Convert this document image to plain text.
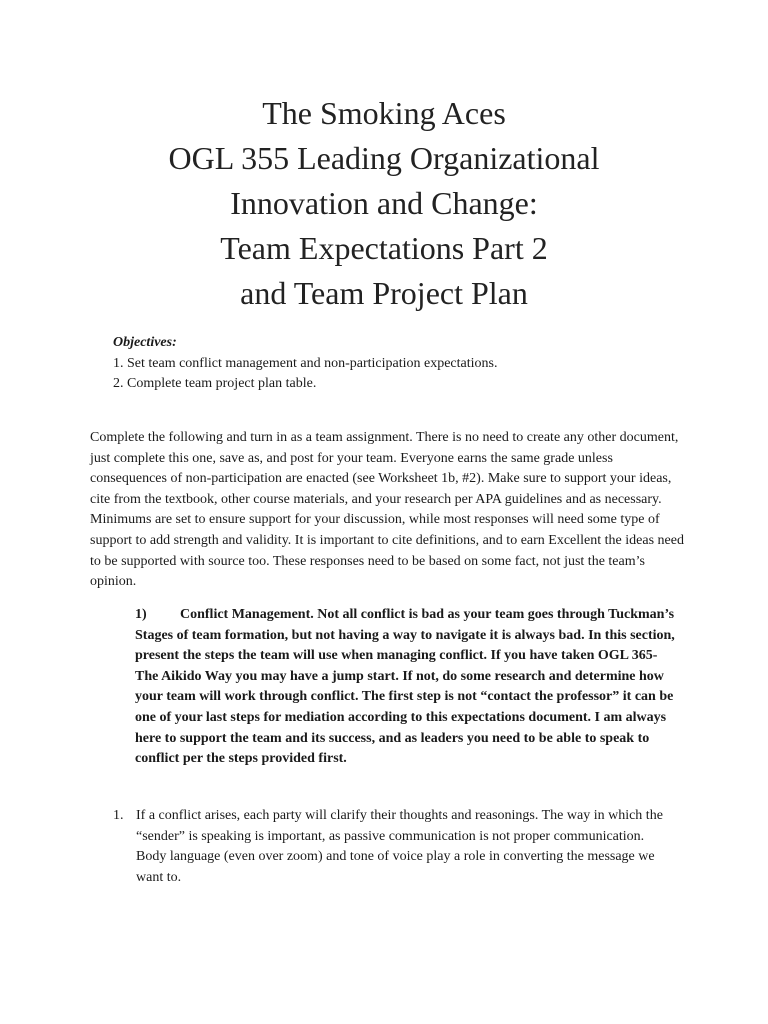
The Smoking Aces
OGL 355 Leading Organizational
Innovation and Change:
Team Expectations Part 2
and Team Project Plan
Objectives:
1. Set team conflict management and non-participation expectations.
2. Complete team project plan table.

Complete the following and turn in as a team assignment. There is no need to create any other document, just complete this one, save as, and post for your team. Everyone earns the same grade unless consequences of non-participation are enacted (see Worksheet 1b, #2). Make sure to support your ideas, cite from the textbook, other course materials, and your research per APA guidelines and as necessary. Minimums are set to ensure support for your discussion, while most responses will need some type of support to add strength and validity. It is important to cite definitions, and to earn Excellent the ideas need to be supported with source too. These responses need to be based on some fact, not just the team’s opinion.

1) Conflict Management. Not all conflict is bad as your team goes through Tuckman’s Stages of team formation, but not having a way to navigate it is always bad. In this section, present the steps the team will use when managing conflict. If you have taken OGL 365-The Aikido Way you may have a jump start. If not, do some research and determine how your team will work through conflict. The first step is not “contact the professor” it can be one of your last steps for mediation according to this expectations document. I am always here to support the team and its success, and as leaders you need to be able to speak to conflict per the steps provided first.

1. If a conflict arises, each party will clarify their thoughts and reasonings. The way in which the “sender” is speaking is important, as passive communication is not proper communication. Body language (even over zoom) and tone of voice play a role in converting the message we want to.
